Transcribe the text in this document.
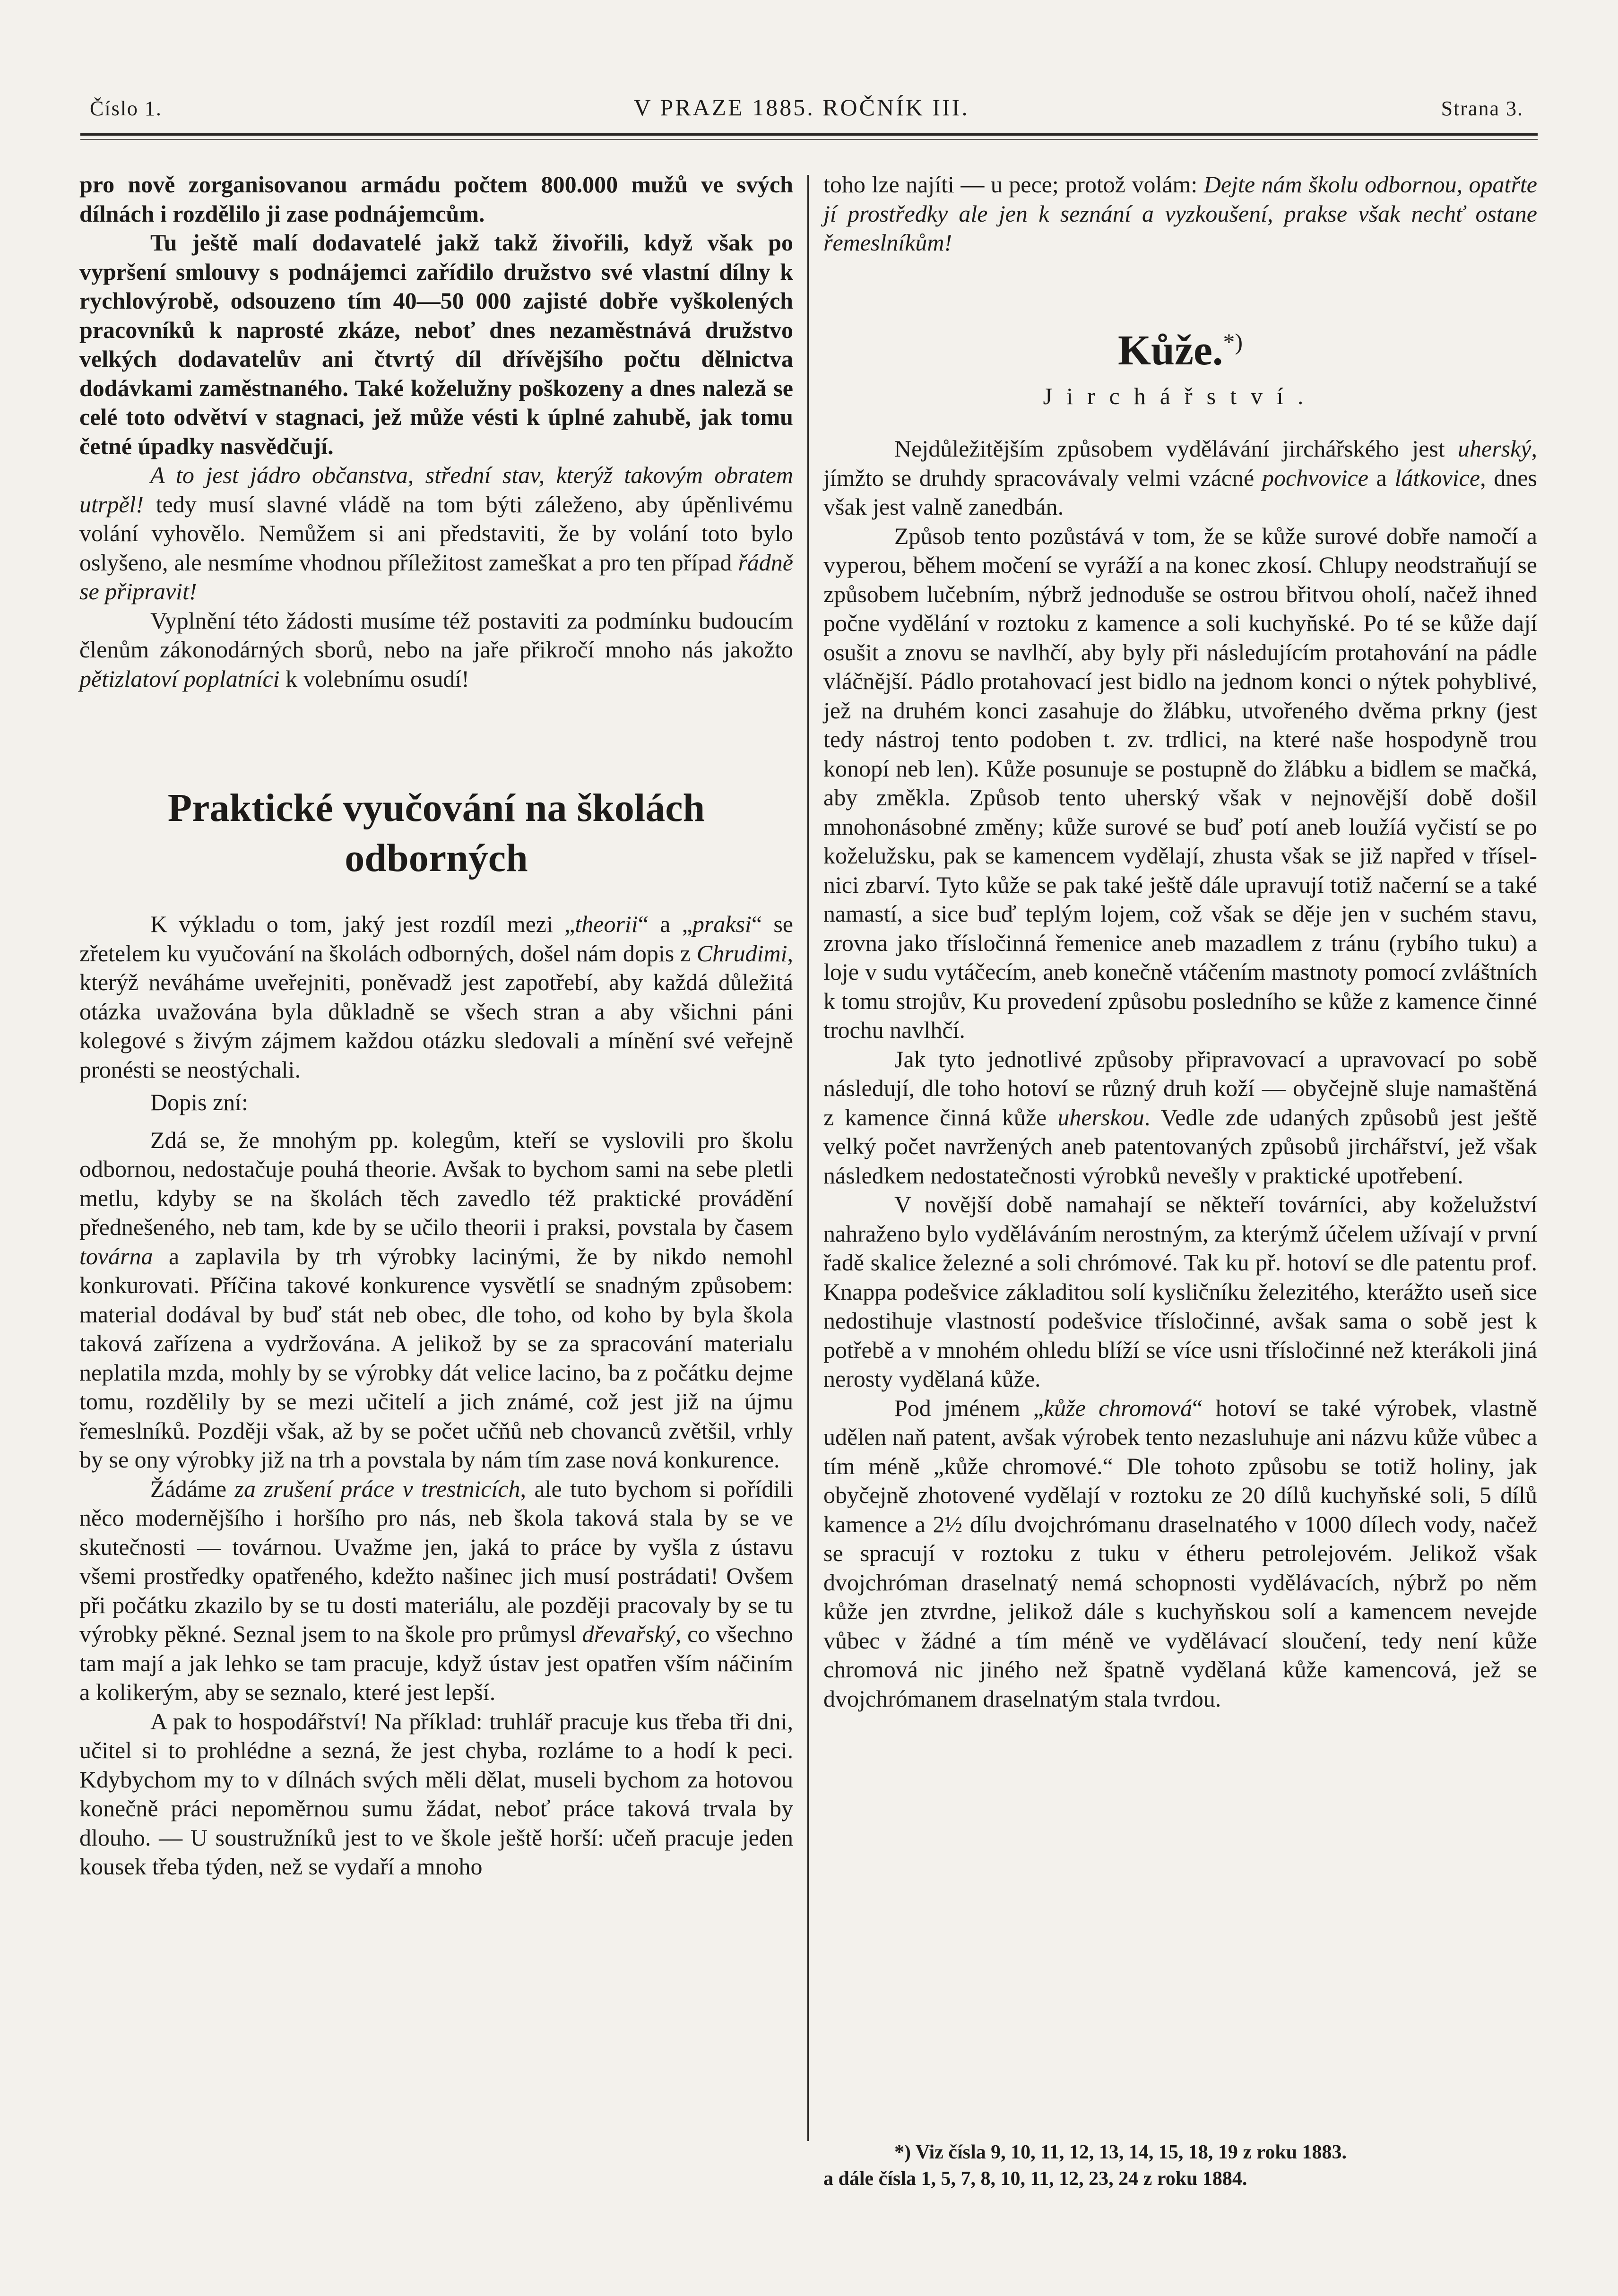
Číslo 1.	V PRAZE 1885. ROČNÍK III.	Strana 3.

pro nově zorganisovanou armádu počtem 800.000 mužů ve svých dílnách i rozdělilo ji zase podnájemcům.

Tu ještě malí dodavatelé jakž takž živořili, když však po vypršení smlouvy s podnájemci zařídilo družstvo své vlastní dílny k rychlovýrobě, odsouzeno tím 40—50 000 zajisté dobře vyškolených pracovníků k naprosté zkáze, neboť dnes nezaměstnává družstvo velkých dodavatelův ani čtvrtý díl dřívějšího počtu dělnictva dodávkami zaměstnaného. Také koželužny poškozeny a dnes naleză se celé toto odvětví v stagnaci, jež může vésti k úplné zahubě, jak tomu četné úpadky nasvědčují.

A to jest jádro občanstva, střední stav, kterýž takovým obratem utrpěl! tedy musí slavné vládě na tom býti záleženo, aby úpěnlivému volání vyhovělo. Nemůžem si ani představiti, že by volání toto bylo oslyšeno, ale nesmíme vhodnou příležitost zameškat a pro ten případ řádně se připravit!

Vyplnění této žádosti musíme též postaviti za podmínku budoucím členům zákonodárných sborů, nebo na jaře přikročí mnoho nás jakožto pětizlatoví poplatníci k volebnímu osudí!

Praktické vyučování na školách odborných

K výkladu o tom, jaký jest rozdíl mezi „theorii“ a „praksi“ se zřetelem ku vyučování na školách odborných, došel nám dopis z Chrudimi, kterýž neváháme uveřejniti, poněvadž jest zapotřebí, aby každá důležitá otázka uvažována byla důkladně se všech stran a aby všichni páni kolegové s živým zájmem každou otázku sledovali a mínění své veřejně pronésti se neostýchali.

Dopis zní:

Zdá se, že mnohým pp. kolegům, kteří se vyslovili pro školu odbornou, nedostačuje pouhá theorie. Avšak to bychom sami na sebe pletli metlu, kdyby se na školách těch zavedlo též praktické provádění přednešeného, neb tam, kde by se učilo theorii i praksi, povstala by časem továrna a zaplavila by trh výrobky lacinými, že by nikdo nemohl konkurovati. Příčina takové konkurence vysvětlí se snadným způsobem: material dodával by buď stát neb obec, dle toho, od koho by byla škola taková zařízena a vydržována. A jelikož by se za spracování materialu neplatila mzda, mohly by se výrobky dát velice lacino, ba z počátku dejme tomu, rozdělily by se mezi učitelí a jich známé, což jest již na újmu řemeslníků. Později však, až by se počet učňů neb chovanců zvětšil, vrhly by se ony výrobky již na trh a povstala by nám tím zase nová konkurence.

Žádáme za zrušení práce v trestnicích, ale tuto bychom si pořídili něco modernějšího i horšího pro nás, neb škola taková stala by se ve skutečnosti — továrnou. Uvažme jen, jaká to práce by vyšla z ústavu všemi prostředky opatřeného, kdežto našinec jich musí postrádati! Ovšem při počátku zkazilo by se tu dosti materiálu, ale později pracovaly by se tu výrobky pěkné. Seznal jsem to na škole pro průmysl dřevařský, co všechno tam mají a jak lehko se tam pracuje, když ústav jest opatřen vším náčiním a kolikerým, aby se seznalo, které jest lepší.

A pak to hospodářství! Na příklad: truhlář pracuje kus třeba tři dni, učitel si to prohlédne a sezná, že jest chyba, rozláme to a hodí k peci. Kdybychom my to v dílnách svých měli dělat, museli bychom za hotovou konečně práci nepoměrnou sumu žádat, neboť práce taková trvala by dlouho. — U soustružníků jest to ve škole ještě horší: učeň pracuje jeden kousek třeba týden, než se vydaří a mnoho

toho lze najíti — u pece; protož volám: Dejte nám školu odbornou, opatřte jí prostředky ale jen k seznání a vyzkoušení, prakse však nechť ostane řemeslníkům!

Kůže.*)
Jirchářství.

Nejdůležitějším způsobem vydělávání jirchářského jest uherský, jímžto se druhdy spracovávaly velmi vzácné pochvovice a látkovice, dnes však jest valně zanedbán.

Způsob tento pozůstává v tom, že se kůže surové dobře namočí a vyperou, během močení se vyráží a na konec zkosí. Chlupy neodstraňují se způsobem lučebním, nýbrž jednoduše se ostrou břitvou oholí, načež ihned počne vydělání v roztoku z kamence a soli kuchyňské. Po té se kůže dají osušit a znovu se navlhčí, aby byly při následujícím protahování na pádle vláčnější. Pádlo protahovací jest bidlo na jednom konci o nýtek pohyblivé, jež na druhém konci zasahuje do žlábku, utvořeného dvěma prkny (jest tedy nástroj tento podoben t. zv. trdlici, na které naše hospodyně trou konopí neb len). Kůže posunuje se postupně do žlábku a bidlem se mačká, aby změkla. Způsob tento uherský však v nejnovější době došil mnohonásobné změny; kůže surové se buď potí aneb loužíá vyčistí se po koželužsku, pak se kamencem vydělají, zhusta však se již napřed v tříselnici zbarví. Tyto kůže se pak také ještě dále upravují totiž načerní se a také namastí, a sice buď teplým lojem, což však se děje jen v suchém stavu, zrovna jako třísločinná řemenice aneb mazadlem z tránu (rybího tuku) a loje v sudu vytáčecím, aneb konečně vtáčením mastnoty pomocí zvláštních k tomu strojův, Ku provedení způsobu posledního se kůže z kamence činné trochu navlhčí.

Jak tyto jednotlivé způsoby připravovací a upravovací po sobě následují, dle toho hotoví se různý druh koží — obyčejně sluje namaštěná z kamence činná kůže uherskou. Vedle zde udaných způsobů jest ještě velký počet navržených aneb patentovaných způsobů jirchářství, jež však následkem nedostatečnosti výrobků nevešly v praktické upotřebení.

V novější době namahají se někteří továrníci, aby koželužství nahraženo bylo vyděláváním nerostným, za kterýmž účelem užívají v první řadě skalice železné a soli chrómové. Tak ku př. hotoví se dle patentu prof. Knappa podešvice základitou solí kysličníku železitého, kterážto useň sice nedostihuje vlastností podešvice třísločinné, avšak sama o sobě jest k potřebě a v mnohém ohledu blíží se více usni třísločinné než kterákoli jiná nerosty vydělaná kůže.

Pod jménem „kůže chromová“ hotoví se také výrobek, vlastně udělen naň patent, avšak výrobek tento nezasluhuje ani názvu kůže vůbec a tím méně „kůže chromové.“ Dle tohoto způsobu se totiž holiny, jak obyčejně zhotovené vydělají v roztoku ze 20 dílů kuchyňské soli, 5 dílů kamence a 2½ dílu dvojchrómanu draselnatého v 1000 dílech vody, načež se spracují v roztoku z tuku v étheru petrolejovém. Jelikož však dvojchróman draselnatý nemá schopnosti vydělávacích, nýbrž po něm kůže jen ztvrdne, jelikož dále s kuchyňskou solí a kamencem nevejde vůbec v žádné a tím méně ve vydělávací sloučení, tedy není kůže chromová nic jiného než špatně vydělaná kůže kamencová, jež se dvojchrómanem draselnatým stala tvrdou.

*) Viz čísla 9, 10, 11, 12, 13, 14, 15, 18, 19 z roku 1883.

a dále čísla 1, 5, 7, 8, 10, 11, 12, 23, 24 z roku 1884.
